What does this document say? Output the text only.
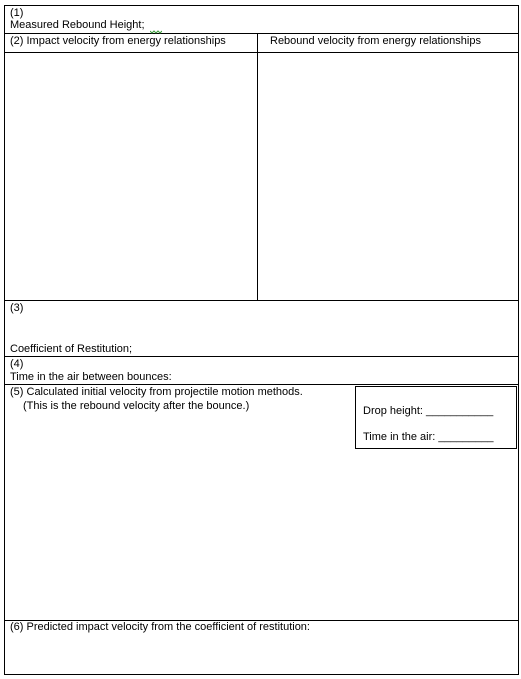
(1)
Measured Rebound Height;
(2) Impact velocity from energy relationships	Rebound velocity from energy relationships
(3)
Coefficient of Restitution;
(4)
Time in the air between bounces:
(5) Calculated initial velocity from projectile motion methods.
(This is the rebound velocity after the bounce.)	Drop height: ___________
Time in the air: _________
(6) Predicted impact velocity from the coefficient of restitution:
